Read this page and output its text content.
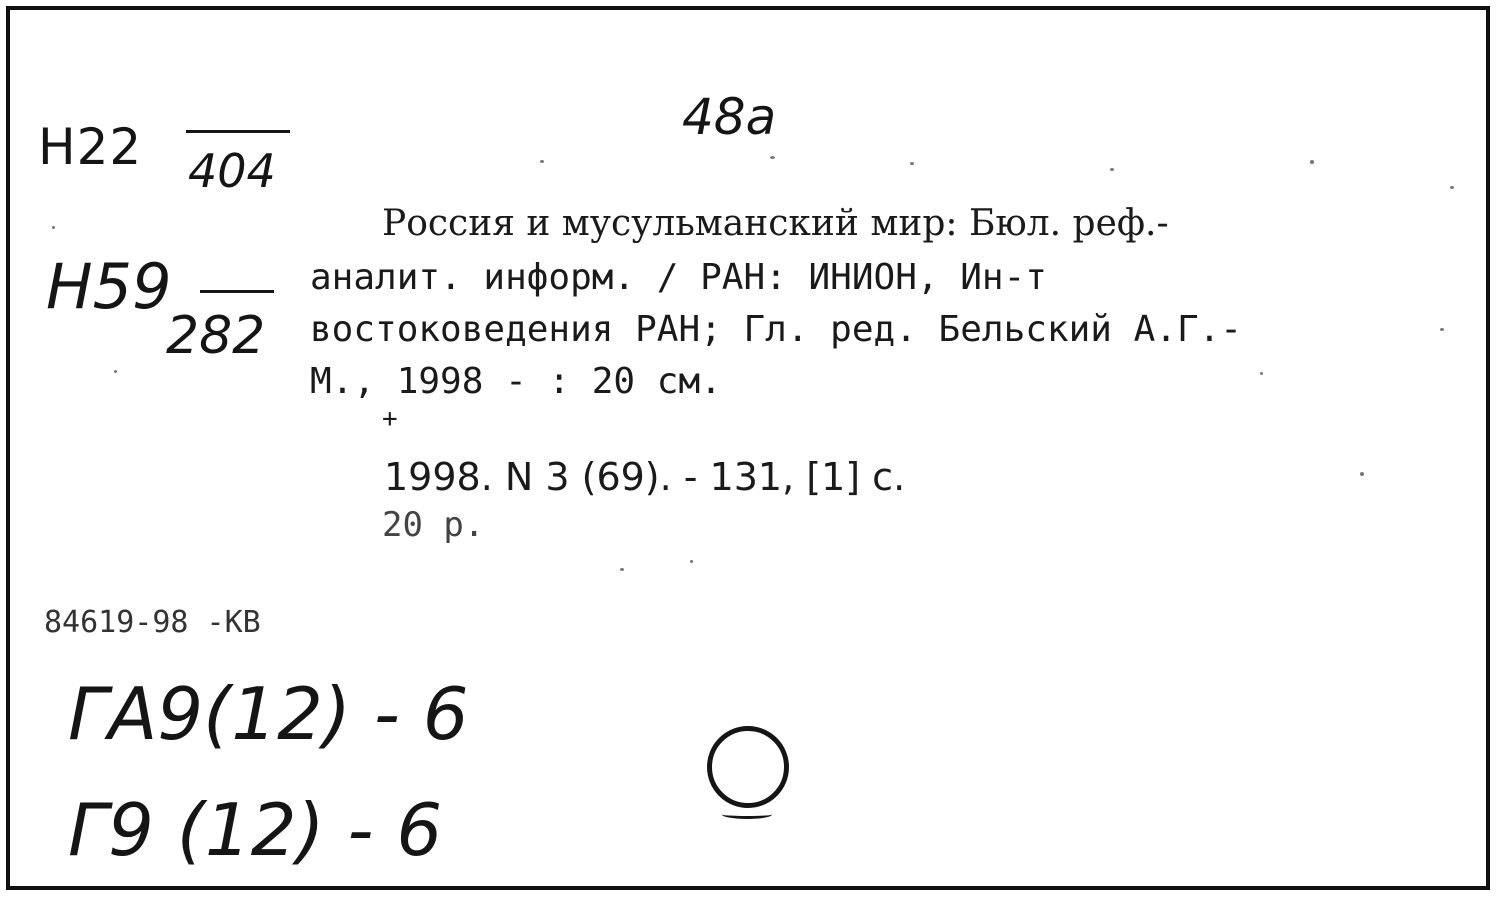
H22 404
H59
282
48a
Россия и мусульманский мир: Бюл. реф.-
аналит. информ. / РАН: ИНИОН, Ин-т
востоковедения РАН; Гл. ред. Бельский А.Г.-
М., 1998 - : 20 см.
+
1998. N 3 (69). - 131, [1] с.
20 р.
84619-98 -КВ
ГА9(12) - 6
Г9 (12) - 6
